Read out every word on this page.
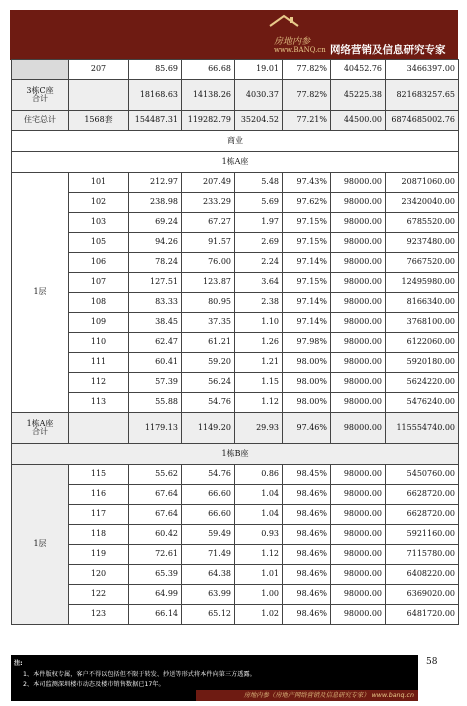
房地内参
www.BANQ.cn 网络营销及信息研究专家
	207	85.69	66.68	19.01	77.82%	40452.76	3466397.00

3栋C座
合计		18168.63	14138.26	4030.37	77.82%	45225.38	821683257.65
住宅总计	1568套	154487.31	119282.79	35204.52	77.21%	44500.00	6874685002.76
商业							
1栋A座							
1层	101	212.97	207.49	5.48	97.43%	98000.00	20871060.00
	102	238.98	233.29	5.69	97.62%	98000.00	23420040.00
	103	69.24	67.27	1.97	97.15%	98000.00	6785520.00
	105	94.26	91.57	2.69	97.15%	98000.00	9237480.00
	106	78.24	76.00	2.24	97.14%	98000.00	7667520.00
	107	127.51	123.87	3.64	97.15%	98000.00	12495980.00
	108	83.33	80.95	2.38	97.14%	98000.00	8166340.00
	109	38.45	37.35	1.10	97.14%	98000.00	3768100.00
	110	62.47	61.21	1.26	97.98%	98000.00	6122060.00
	111	60.41	59.20	1.21	98.00%	98000.00	5920180.00
	112	57.39	56.24	1.15	98.00%	98000.00	5624220.00
	113	55.88	54.76	1.12	98.00%	98000.00	5476240.00

1栋A座
合计		1179.13	1149.20	29.93	97.46%	98000.00	115554740.00
1栋B座							
1层	115	55.62	54.76	0.86	98.45%	98000.00	5450760.00
	116	67.64	66.60	1.04	98.46%	98000.00	6628720.00
	117	67.64	66.60	1.04	98.46%	98000.00	6628720.00
	118	60.42	59.49	0.93	98.46%	98000.00	5921160.00
	119	72.61	71.49	1.12	98.46%	98000.00	7115780.00
	120	65.39	64.38	1.01	98.46%	98000.00	6408220.00
	122	64.99	63.99	1.00	98.46%	98000.00	6369020.00
	123	66.14	65.12	1.02	98.46%	98000.00	6481720.00
注:
1、本件版权专属，客户不得以包括但不限于转发、抄送等形式将本件向第三方透露。
2、本司监测深圳楼市动态及楼市销售数据已17年。
房地内参（房地产网络营销及信息研究专家） www.banq.cn
58
